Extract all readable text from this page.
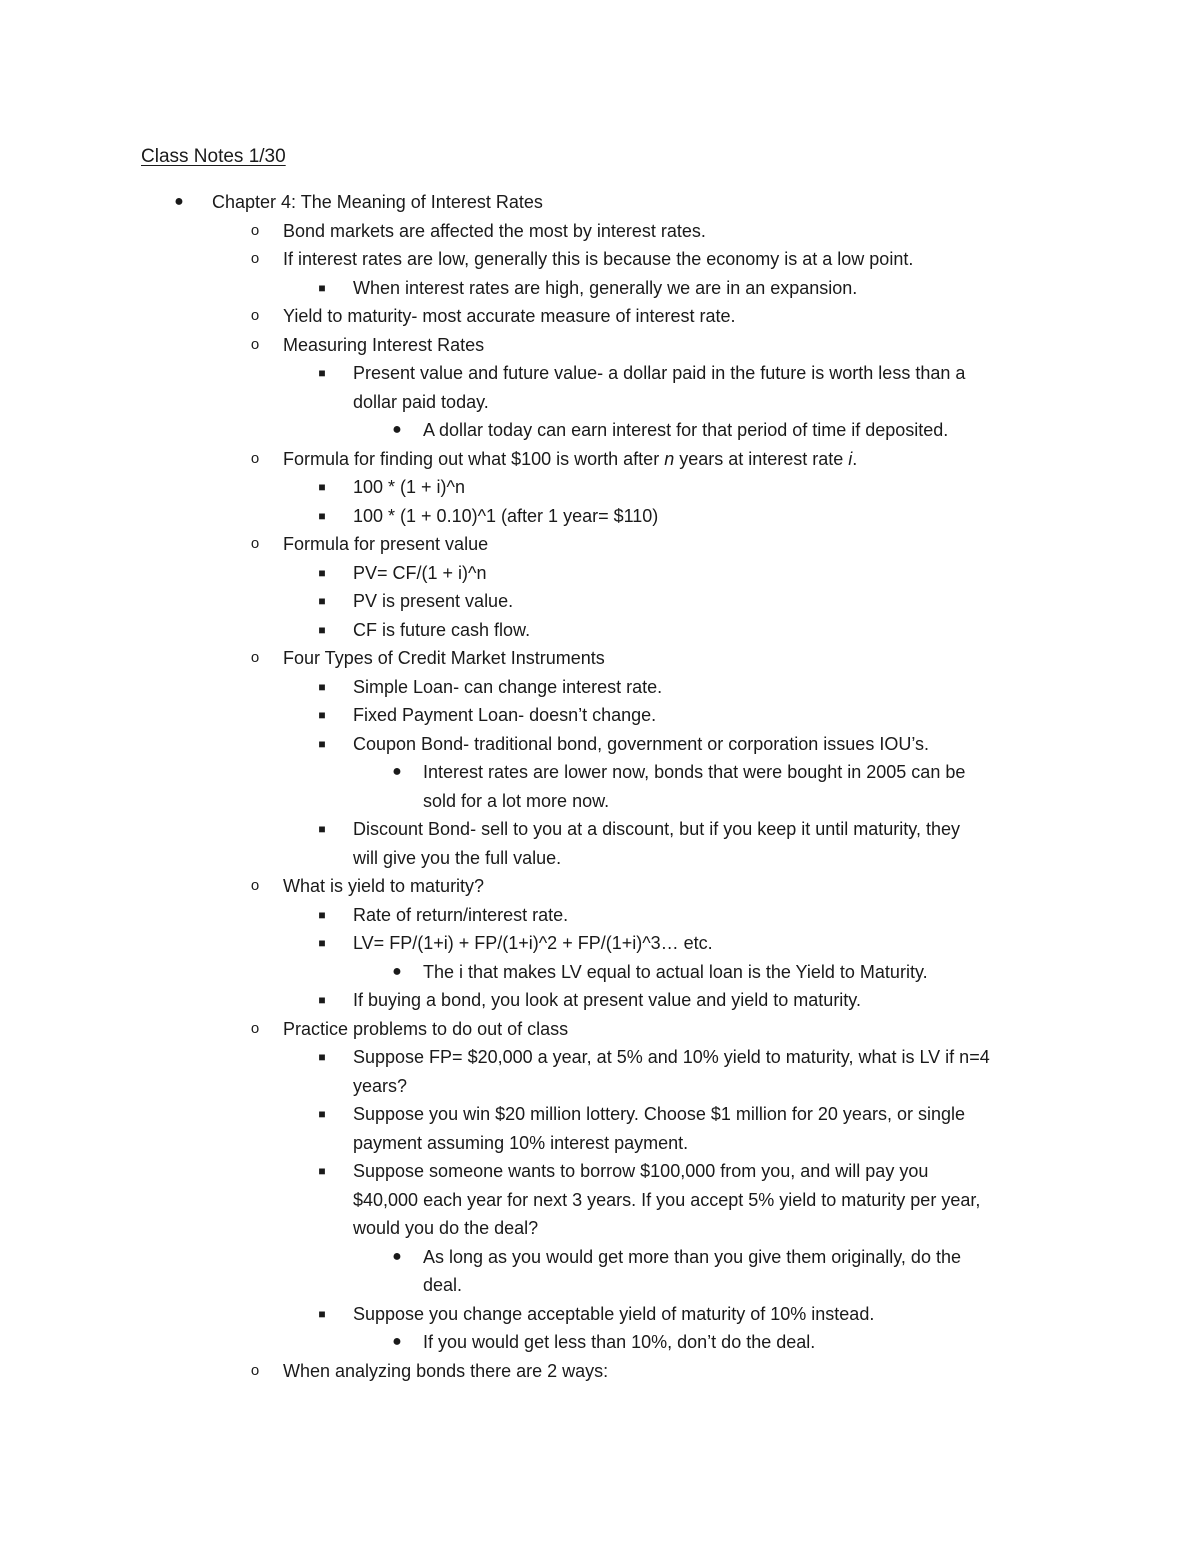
Class Notes 1/30
● Chapter 4: The Meaning of Interest Rates
o	Bond markets are affected the most by interest rates.
o	If interest rates are low, generally this is because the economy is at a low point.
■	When interest rates are high, generally we are in an expansion.
o	Yield to maturity- most accurate measure of interest rate.
o	Measuring Interest Rates
■	Present value and future value- a dollar paid in the future is worth less than a
dollar paid today.
● A dollar today can earn interest for that period of time if deposited.
o	Formula for finding out what $100 is worth after n years at interest rate i.
■	100 * (1 + i)^n
■	100 * (1 + 0.10)^1 (after 1 year= $110)
o	Formula for present value
■	PV= CF/(1 + i)^n
■	PV is present value.
■	CF is future cash flow.
o	Four Types of Credit Market Instruments
■	Simple Loan- can change interest rate.
■	Fixed Payment Loan- doesn’t change.
■	Coupon Bond- traditional bond, government or corporation issues IOU’s.
● Interest rates are lower now, bonds that were bought in 2005 can be
sold for a lot more now.
■	Discount Bond- sell to you at a discount, but if you keep it until maturity, they
will give you the full value.
o	What is yield to maturity?
■	Rate of return/interest rate.
■	LV= FP/(1+i) + FP/(1+i)^2 + FP/(1+i)^3… etc.
● The i that makes LV equal to actual loan is the Yield to Maturity.
■	If buying a bond, you look at present value and yield to maturity.
o	Practice problems to do out of class
■	Suppose FP= $20,000 a year, at 5% and 10% yield to maturity, what is LV if n=4
years?
■	Suppose you win $20 million lottery. Choose $1 million for 20 years, or single
payment assuming 10% interest payment.
■	Suppose someone wants to borrow $100,000 from you, and will pay you
$40,000 each year for next 3 years. If you accept 5% yield to maturity per year,
would you do the deal?
● As long as you would get more than you give them originally, do the
deal.
■	Suppose you change acceptable yield of maturity of 10% instead.
● If you would get less than 10%, don’t do the deal.
o	When analyzing bonds there are 2 ways:
